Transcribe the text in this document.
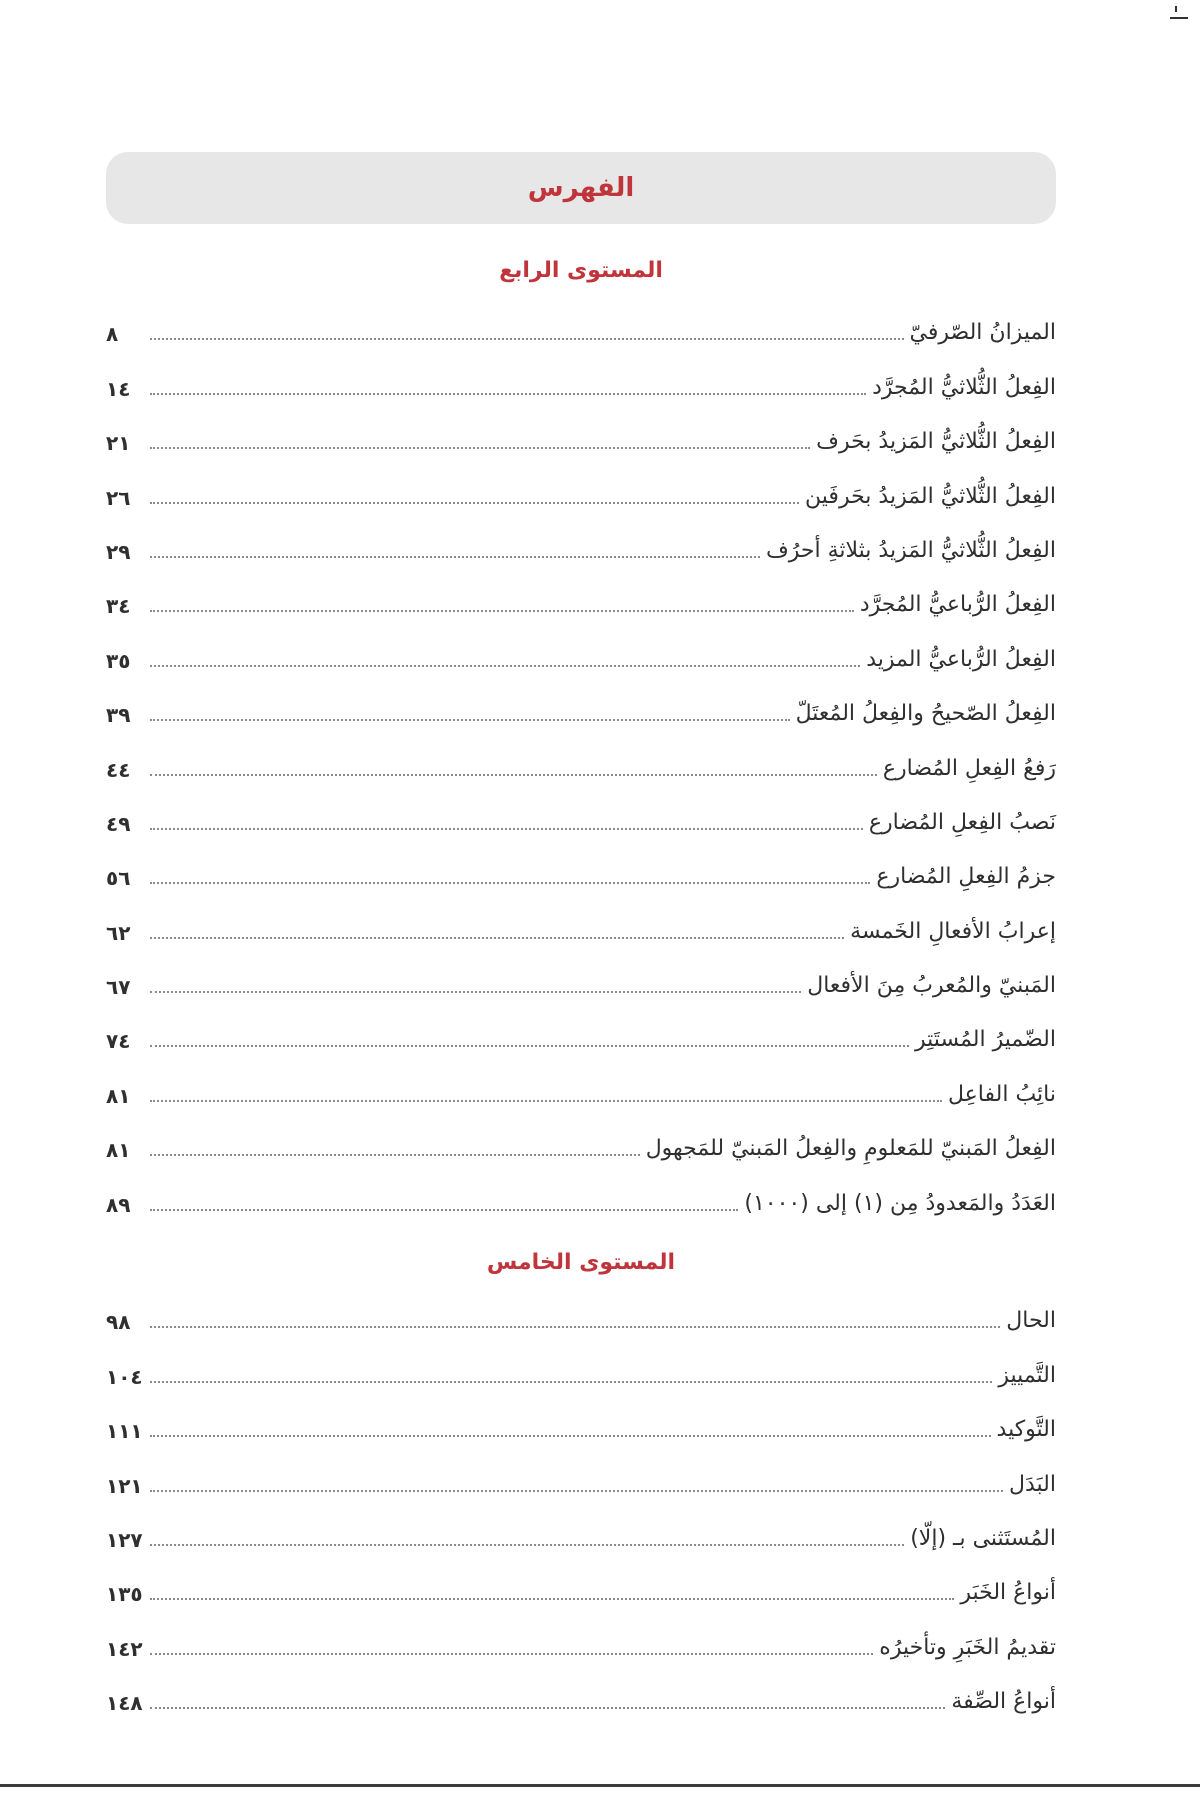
الفهرس
المستوى الرابع
الميزانُ الصّرفيّ
٨
الفِعلُ الثُّلاثيُّ المُجرَّد
١٤
الفِعلُ الثُّلاثيُّ المَزيدُ بحَرف
٢١
الفِعلُ الثُّلاثيُّ المَزيدُ بحَرفَين
٢٦
الفِعلُ الثُّلاثيُّ المَزيدُ بثلاثةِ أحرُف
٢٩
الفِعلُ الرُّباعيُّ المُجرَّد
٣٤
الفِعلُ الرُّباعيُّ المزيد
٣٥
الفِعلُ الصّحيحُ والفِعلُ المُعتَلّ
٣٩
رَفعُ الفِعلِ المُضارع
٤٤
نَصبُ الفِعلِ المُضارع
٤٩
جزمُ الفِعلِ المُضارع
٥٦
إعرابُ الأفعالِ الخَمسة
٦٢
المَبنيّ والمُعربُ مِنَ الأفعال
٦٧
الضّميرُ المُستَتِر
٧٤
نائِبُ الفاعِل
٨١
الفِعلُ المَبنيّ للمَعلومِ والفِعلُ المَبنيّ للمَجهول
٨١
العَدَدُ والمَعدودُ مِن (١) إلى (١٠٠٠)
٨٩
المستوى الخامس
الحال
٩٨
التَّمييز
١٠٤
التَّوكيد
١١١
البَدَل
١٢١
المُستَثنى بـ (إلّا)
١٢٧
أنواعُ الخَبَر
١٣٥
تقديمُ الخَبَرِ وتأخيرُه
١٤٢
أنواعُ الصِّفة
١٤٨
